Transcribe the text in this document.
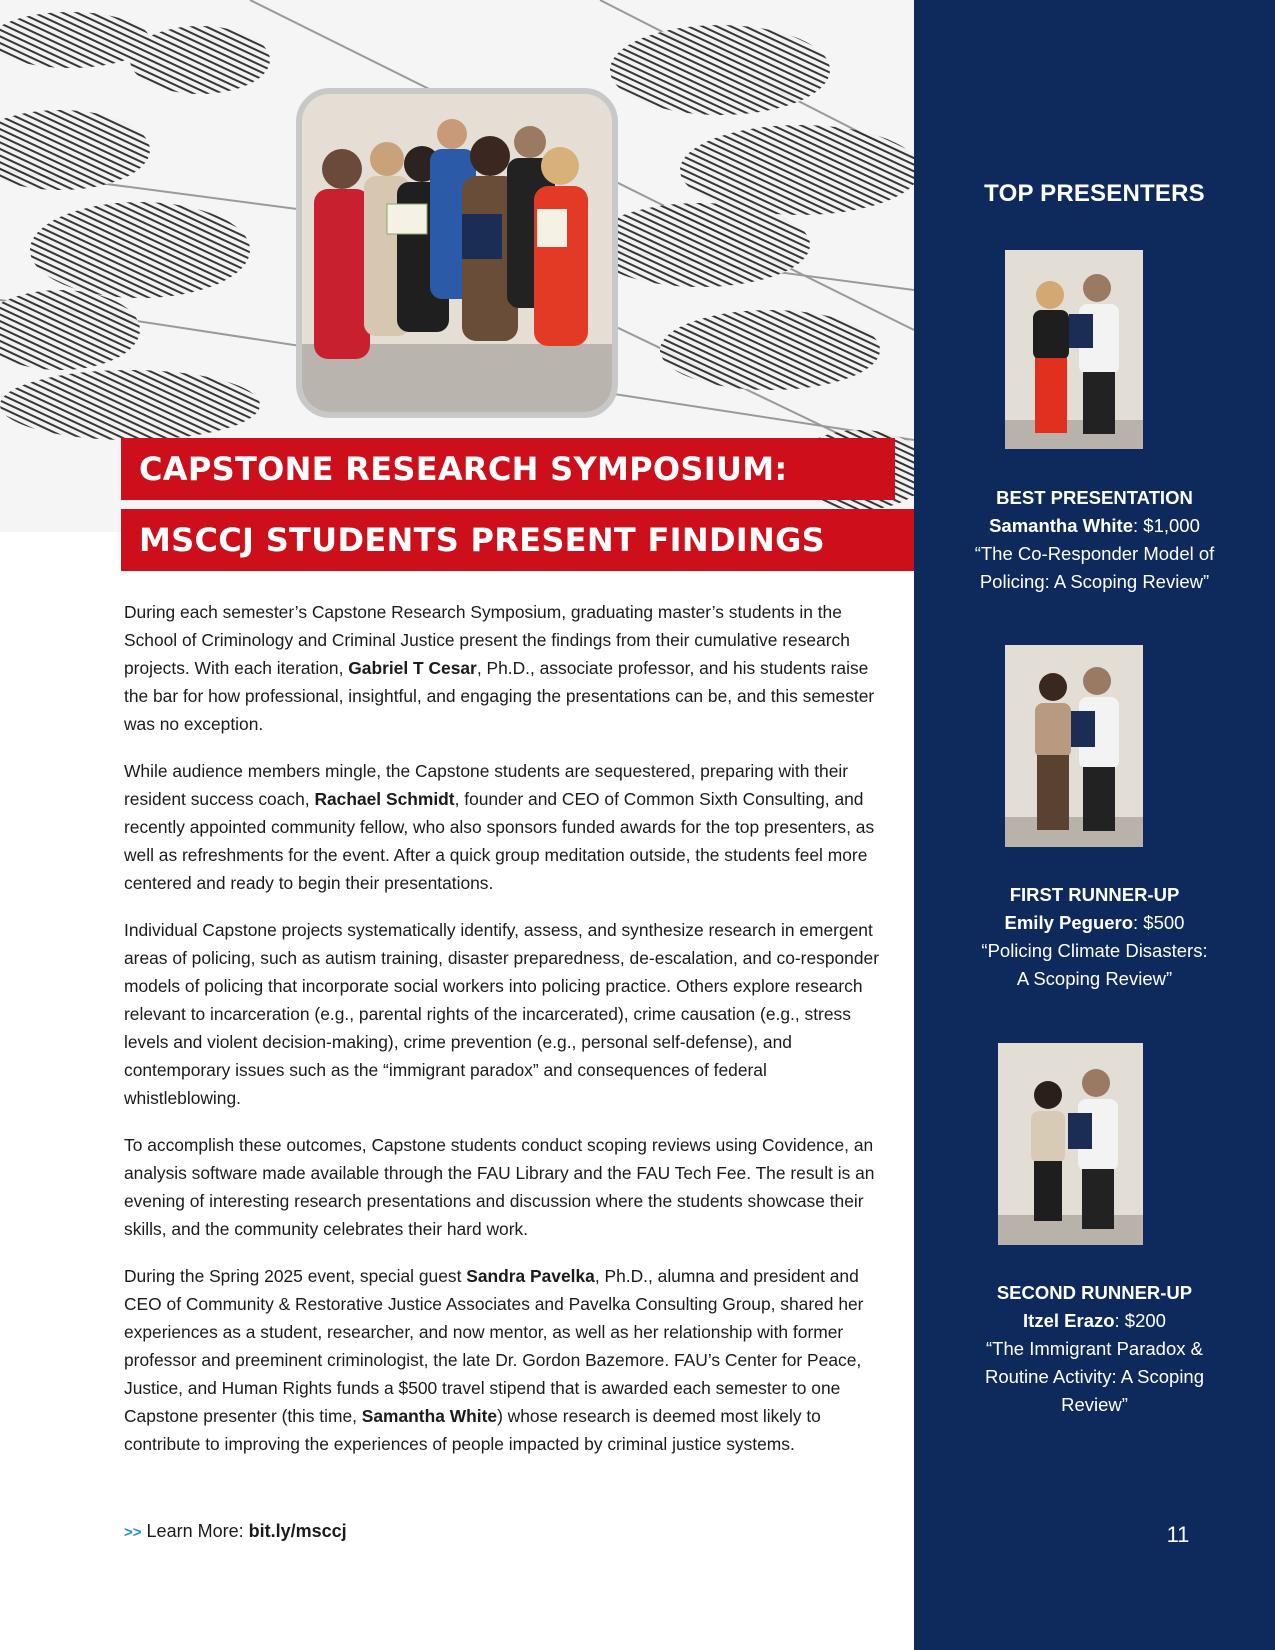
CAPSTONE RESEARCH SYMPOSIUM:
MSCCJ STUDENTS PRESENT FINDINGS

During each semester’s Capstone Research Symposium, graduating master’s students in the School of Criminology and Criminal Justice present the findings from their cumulative research projects. With each iteration, Gabriel T Cesar, Ph.D., associate professor, and his students raise the bar for how professional, insightful, and engaging the presentations can be, and this semester was no exception.

While audience members mingle, the Capstone students are sequestered, preparing with their resident success coach, Rachael Schmidt, founder and CEO of Common Sixth Consulting, and recently appointed community fellow, who also sponsors funded awards for the top presenters, as well as refreshments for the event. After a quick group meditation outside, the students feel more centered and ready to begin their presentations.

Individual Capstone projects systematically identify, assess, and synthesize research in emergent areas of policing, such as autism training, disaster preparedness, de-escalation, and co-responder models of policing that incorporate social workers into policing practice. Others explore research relevant to incarceration (e.g., parental rights of the incarcerated), crime causation (e.g., stress levels and violent decision-making), crime prevention (e.g., personal self-defense), and contemporary issues such as the “immigrant paradox” and consequences of federal whistleblowing.

To accomplish these outcomes, Capstone students conduct scoping reviews using Covidence, an analysis software made available through the FAU Library and the FAU Tech Fee. The result is an evening of interesting research presentations and discussion where the students showcase their skills, and the community celebrates their hard work.

During the Spring 2025 event, special guest Sandra Pavelka, Ph.D., alumna and president and CEO of Community & Restorative Justice Associates and Pavelka Consulting Group, shared her experiences as a student, researcher, and now mentor, as well as her relationship with former professor and preeminent criminologist, the late Dr. Gordon Bazemore. FAU’s Center for Peace, Justice, and Human Rights funds a $500 travel stipend that is awarded each semester to one Capstone presenter (this time, Samantha White) whose research is deemed most likely to contribute to improving the experiences of people impacted by criminal justice systems.

>> Learn More: bit.ly/msccj
TOP PRESENTERS
BEST PRESENTATION
Samantha White: $1,000
“The Co-Responder Model of
Policing: A Scoping Review”
FIRST RUNNER-UP
Emily Peguero: $500
“Policing Climate Disasters:
A Scoping Review”
SECOND RUNNER-UP
Itzel Erazo: $200
“The Immigrant Paradox &
Routine Activity: A Scoping
Review”
11
